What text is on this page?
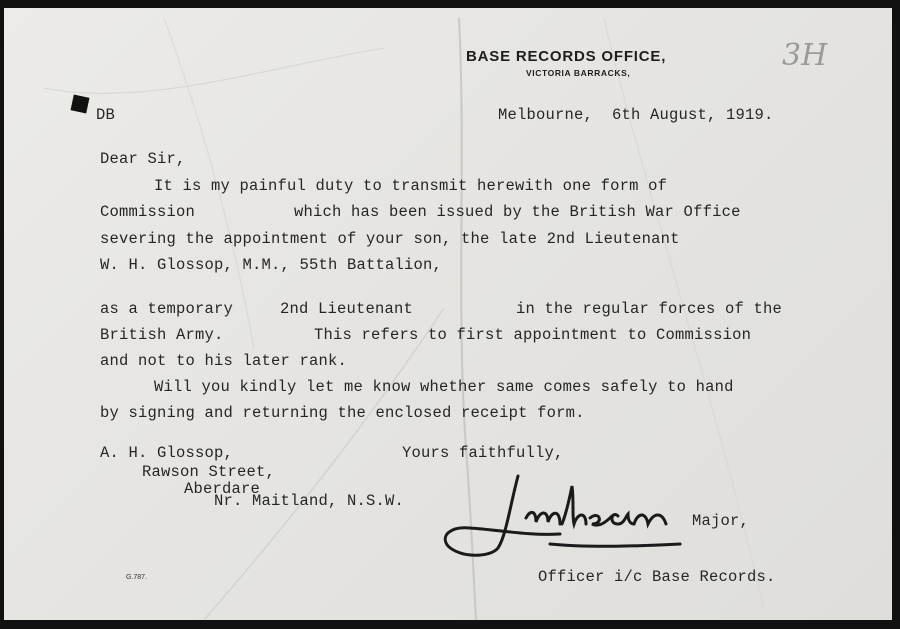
BASE RECORDS OFFICE,
VICTORIA BARRACKS,	3H
DB	Melbourne,  6th August, 1919.
Dear Sir,
It is my painful duty to transmit herewith one form of
Commission	which has been issued by the British War Office
severing the appointment of your son, the late 2nd Lieutenant
W. H. Glossop, M.M., 55th Battalion,
as a temporary	2nd Lieutenant	in the regular forces of the
British Army.	This refers to first appointment to Commission
and not to his later rank.
Will you kindly let me know whether same comes safely to hand
by signing and returning the enclosed receipt form.
A. H. Glossop,
Rawson Street,
Aberdare
Nr. Maitland, N.S.W.
Yours faithfully,
Major,
Officer i/c Base Records.
G.787.
